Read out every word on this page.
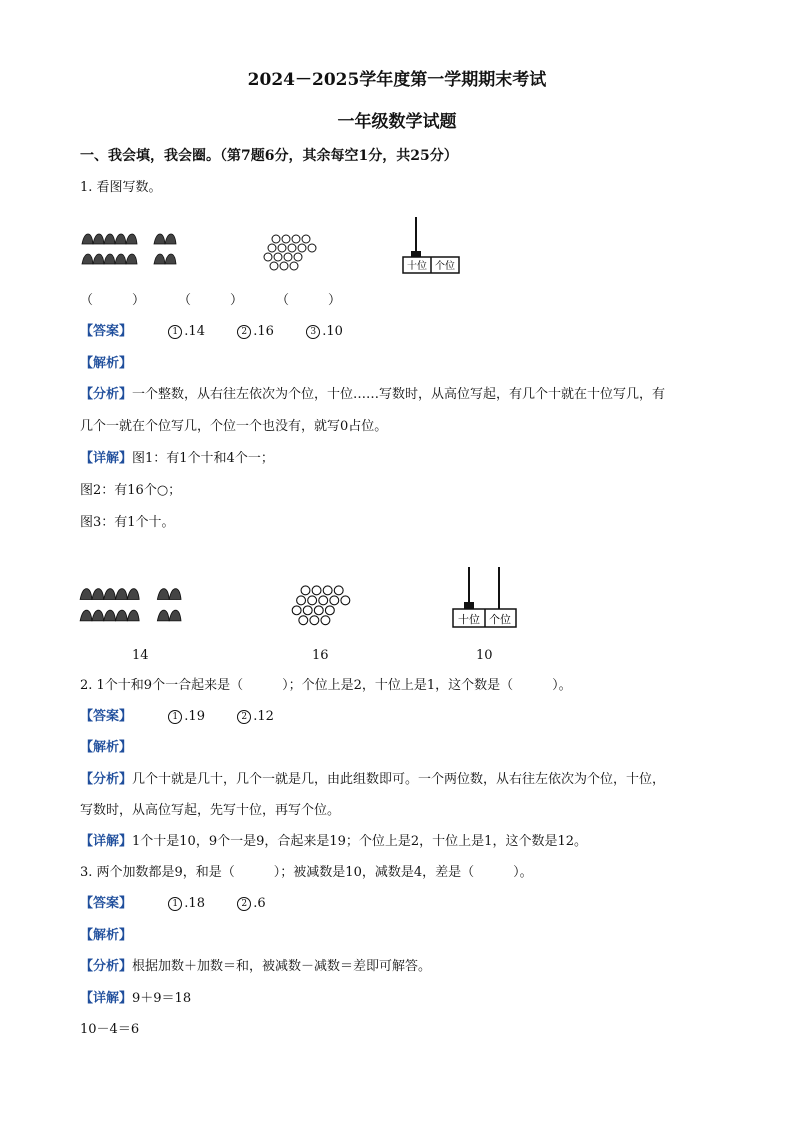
2024－2025学年度第一学期期末考试
一年级数学试题
一、我会填，我会圈。（第7题6分，其余每空1分，共25分）
1. 看图写数。
十位 个位
（　　　）	（　　　）	（　　　）
【答案】	1 .14	2 .16	3 .10
【解析】
【分析】一个整数，从右往左依次为个位，十位……写数时，从高位写起，有几个十就在十位写几，有
几个一就在个位写几，个位一个也没有，就写0占位。
【详解】图1：有1个十和4个一；
图2：有16个○；
图3：有1个十。
十位 个位
14	16	10
2. 1个十和9个一合起来是（　　　）；个位上是2，十位上是1，这个数是（　　　）。
【答案】	1 .19	2 .12
【解析】
【分析】几个十就是几十，几个一就是几，由此组数即可。一个两位数，从右往左依次为个位，十位，
写数时，从高位写起，先写十位，再写个位。
【详解】1个十是10，9个一是9，合起来是19；个位上是2，十位上是1，这个数是12。
3. 两个加数都是9，和是（　　　）；被减数是10，减数是4，差是（　　　）。
【答案】	1 .18	2 .6
【解析】
【分析】根据加数＋加数＝和，被减数－减数＝差即可解答。
【详解】9＋9＝18
10－4＝6
